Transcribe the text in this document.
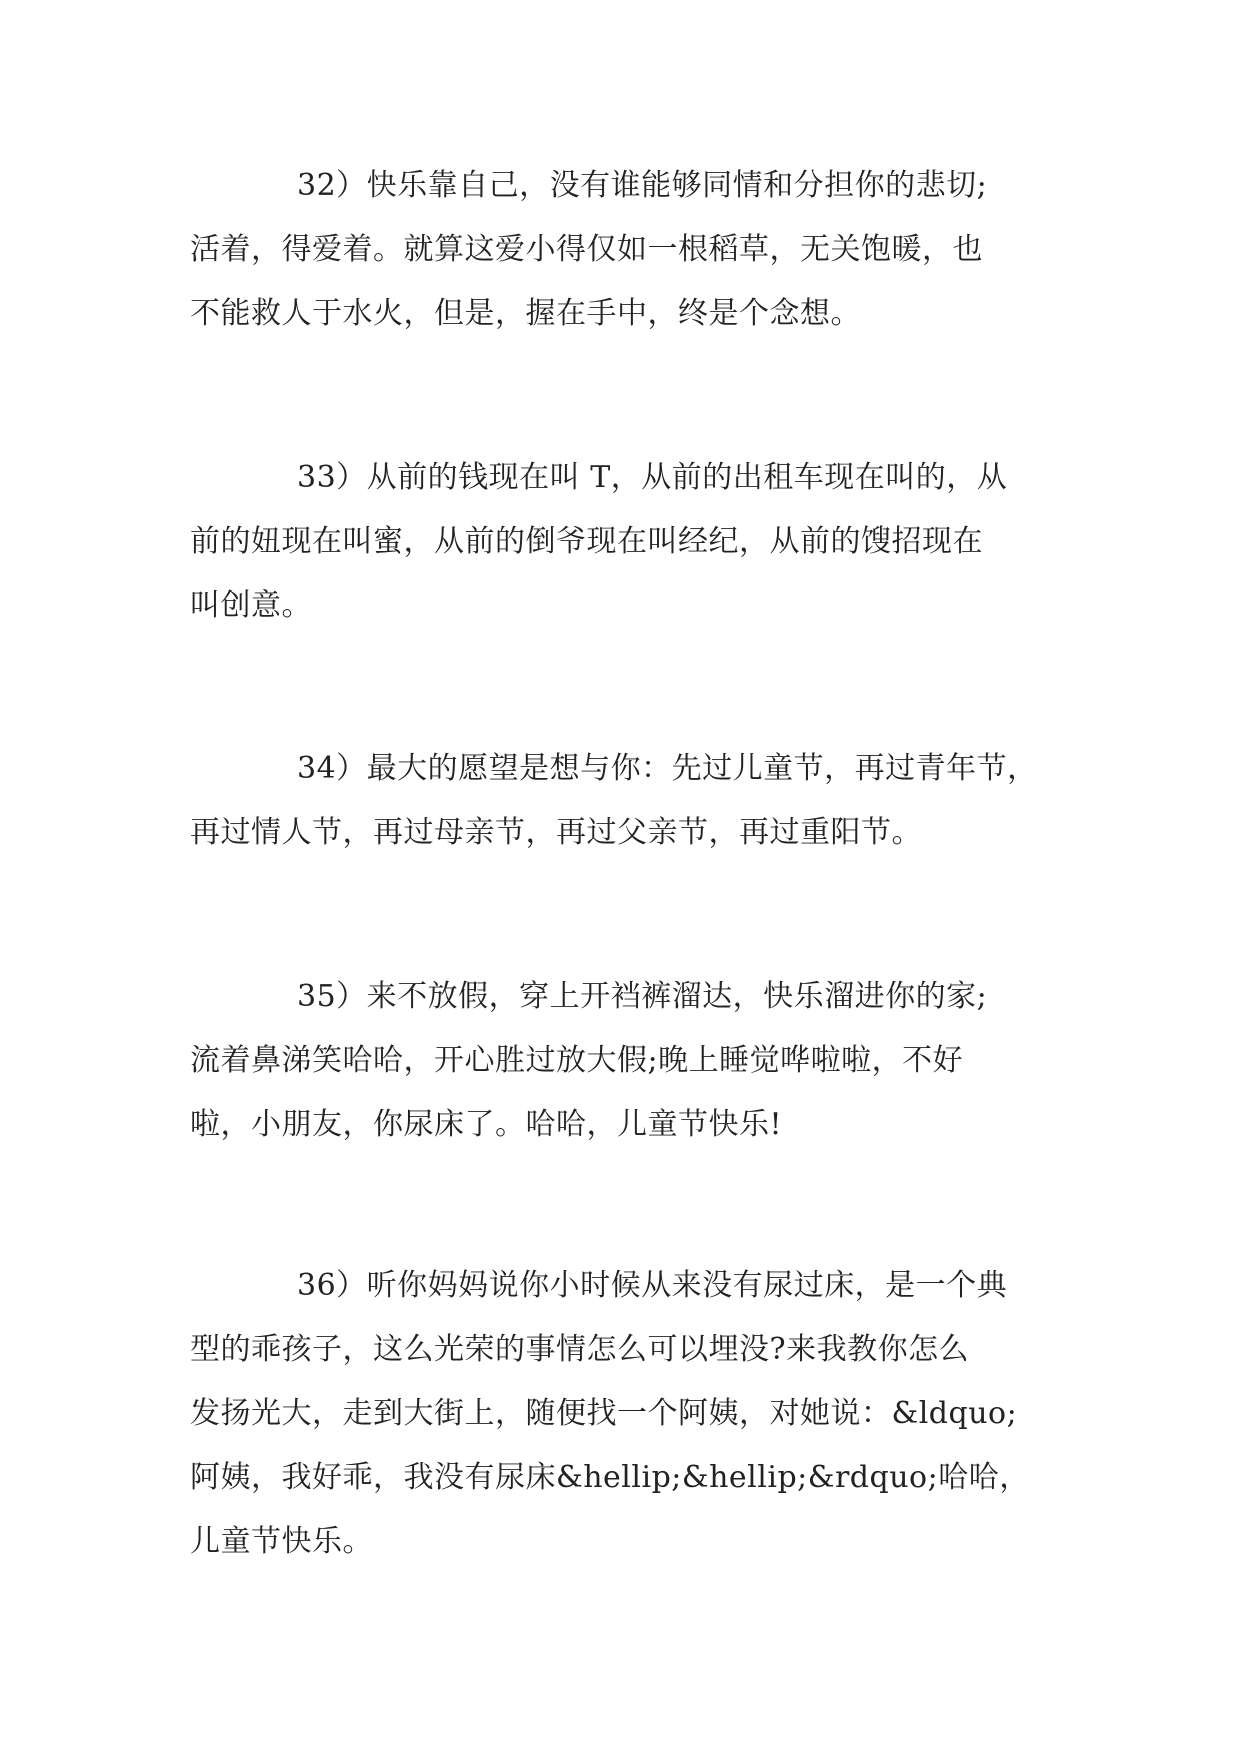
32）快乐靠自己，没有谁能够同情和分担你的悲切;
活着，得爱着。就算这爱小得仅如一根稻草，无关饱暖，也
不能救人于水火，但是，握在手中，终是个念想。

33）从前的钱现在叫 T，从前的出租车现在叫的，从
前的妞现在叫蜜，从前的倒爷现在叫经纪，从前的馊招现在
叫创意。

34）最大的愿望是想与你：先过儿童节，再过青年节，
再过情人节，再过母亲节，再过父亲节，再过重阳节。

35）来不放假，穿上开裆裤溜达，快乐溜进你的家;
流着鼻涕笑哈哈，开心胜过放大假;晚上睡觉哗啦啦，不好
啦，小朋友，你尿床了。哈哈，儿童节快乐!

36）听你妈妈说你小时候从来没有尿过床，是一个典
型的乖孩子，这么光荣的事情怎么可以埋没?来我教你怎么
发扬光大，走到大街上，随便找一个阿姨，对她说：&ldquo;
阿姨，我好乖，我没有尿床&hellip;&hellip;&rdquo;哈哈，
儿童节快乐。
